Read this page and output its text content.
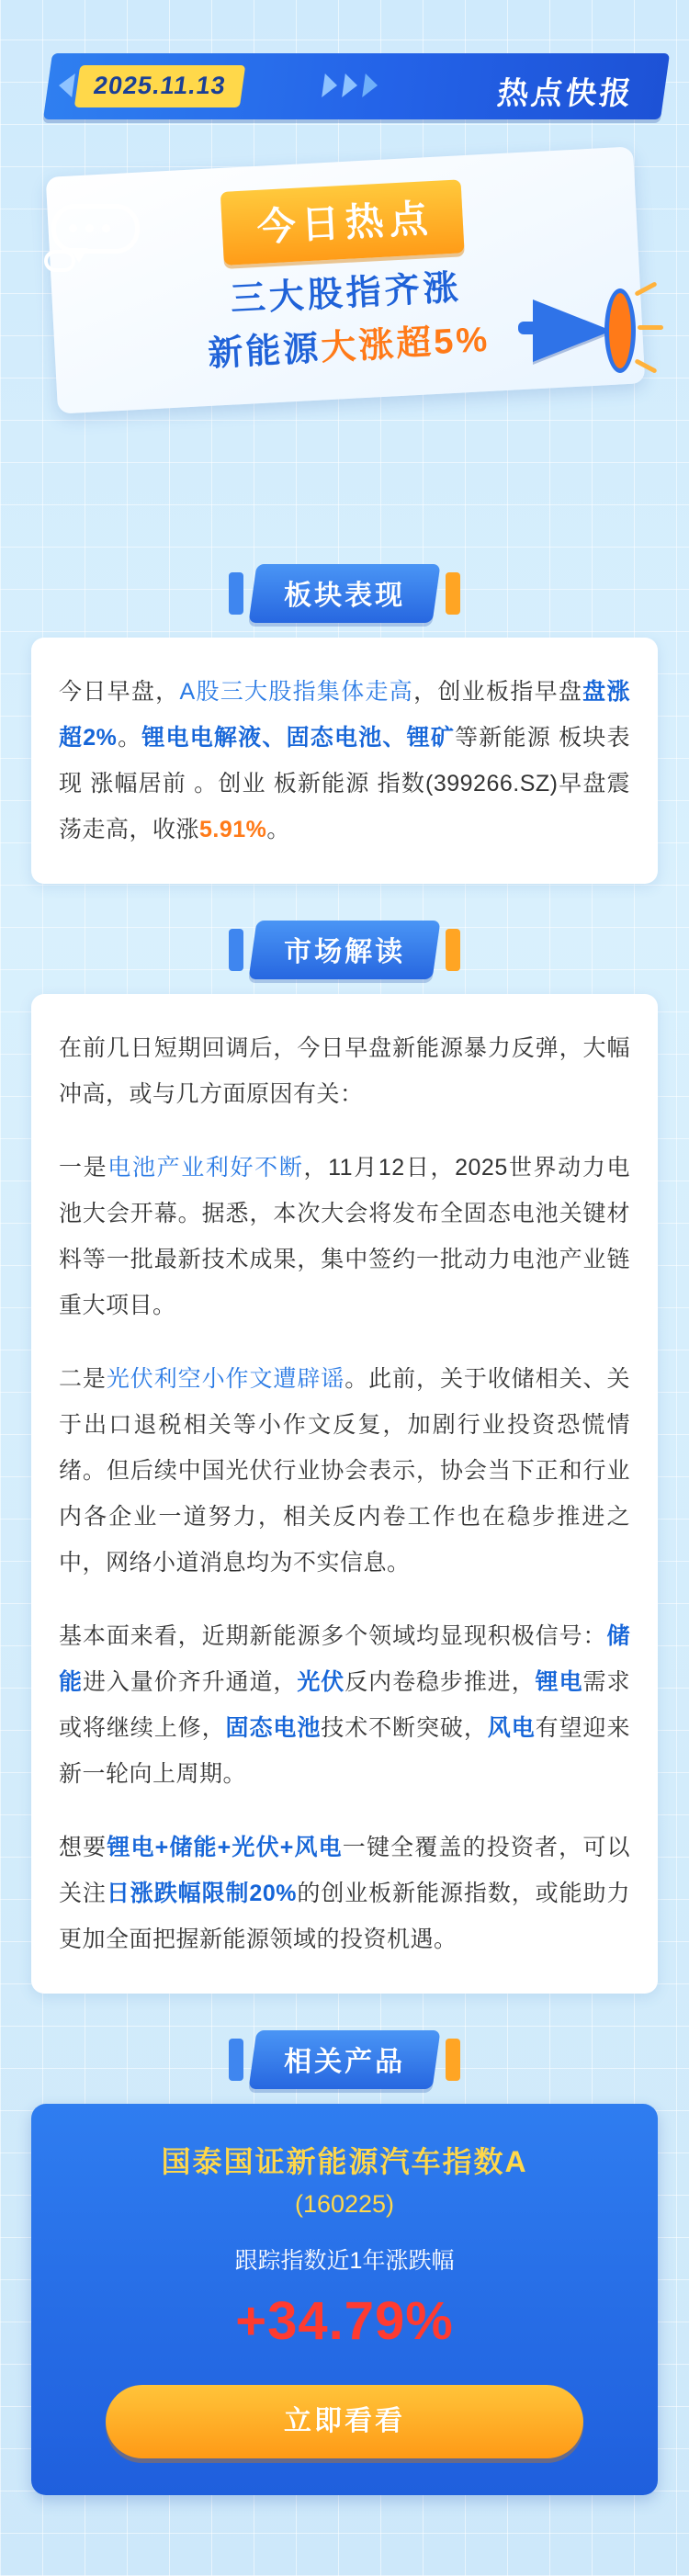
2025.11.13	热点快报
今日热点
三大股指齐涨
新能源大涨超5%
板块表现

今日早盘，A股三大股指集体走高，创业板指早盘盘涨超2%。锂电电解液、固态电池、锂矿等新能源 板块表现 涨幅居前 。创业 板新能源 指数(399266.SZ)早盘震荡走高，收涨5.91%。

市场解读

在前几日短期回调后，今日早盘新能源暴力反弹，大幅冲高，或与几方面原因有关：

一是电池产业利好不断，11月12日，2025世界动力电池大会开幕。据悉，本次大会将发布全固态电池关键材料等一批最新技术成果，集中签约一批动力电池产业链重大项目。

二是光伏利空小作文遭辟谣。此前，关于收储相关、关于出口退税相关等小作文反复，加剧行业投资恐慌情绪。但后续中国光伏行业协会表示，协会当下正和行业内各企业一道努力，相关反内卷工作也在稳步推进之中，网络小道消息均为不实信息。

基本面来看，近期新能源多个领域均显现积极信号：储能进入量价齐升通道，光伏反内卷稳步推进，锂电需求或将继续上修，固态电池技术不断突破，风电有望迎来新一轮向上周期。

想要锂电+储能+光伏+风电一键全覆盖的投资者，可以关注日涨跌幅限制20%的创业板新能源指数，或能助力更加全面把握新能源领域的投资机遇。

相关产品
国泰国证新能源汽车指数A
(160225)
跟踪指数近1年涨跌幅
+34.79%
立即看看
